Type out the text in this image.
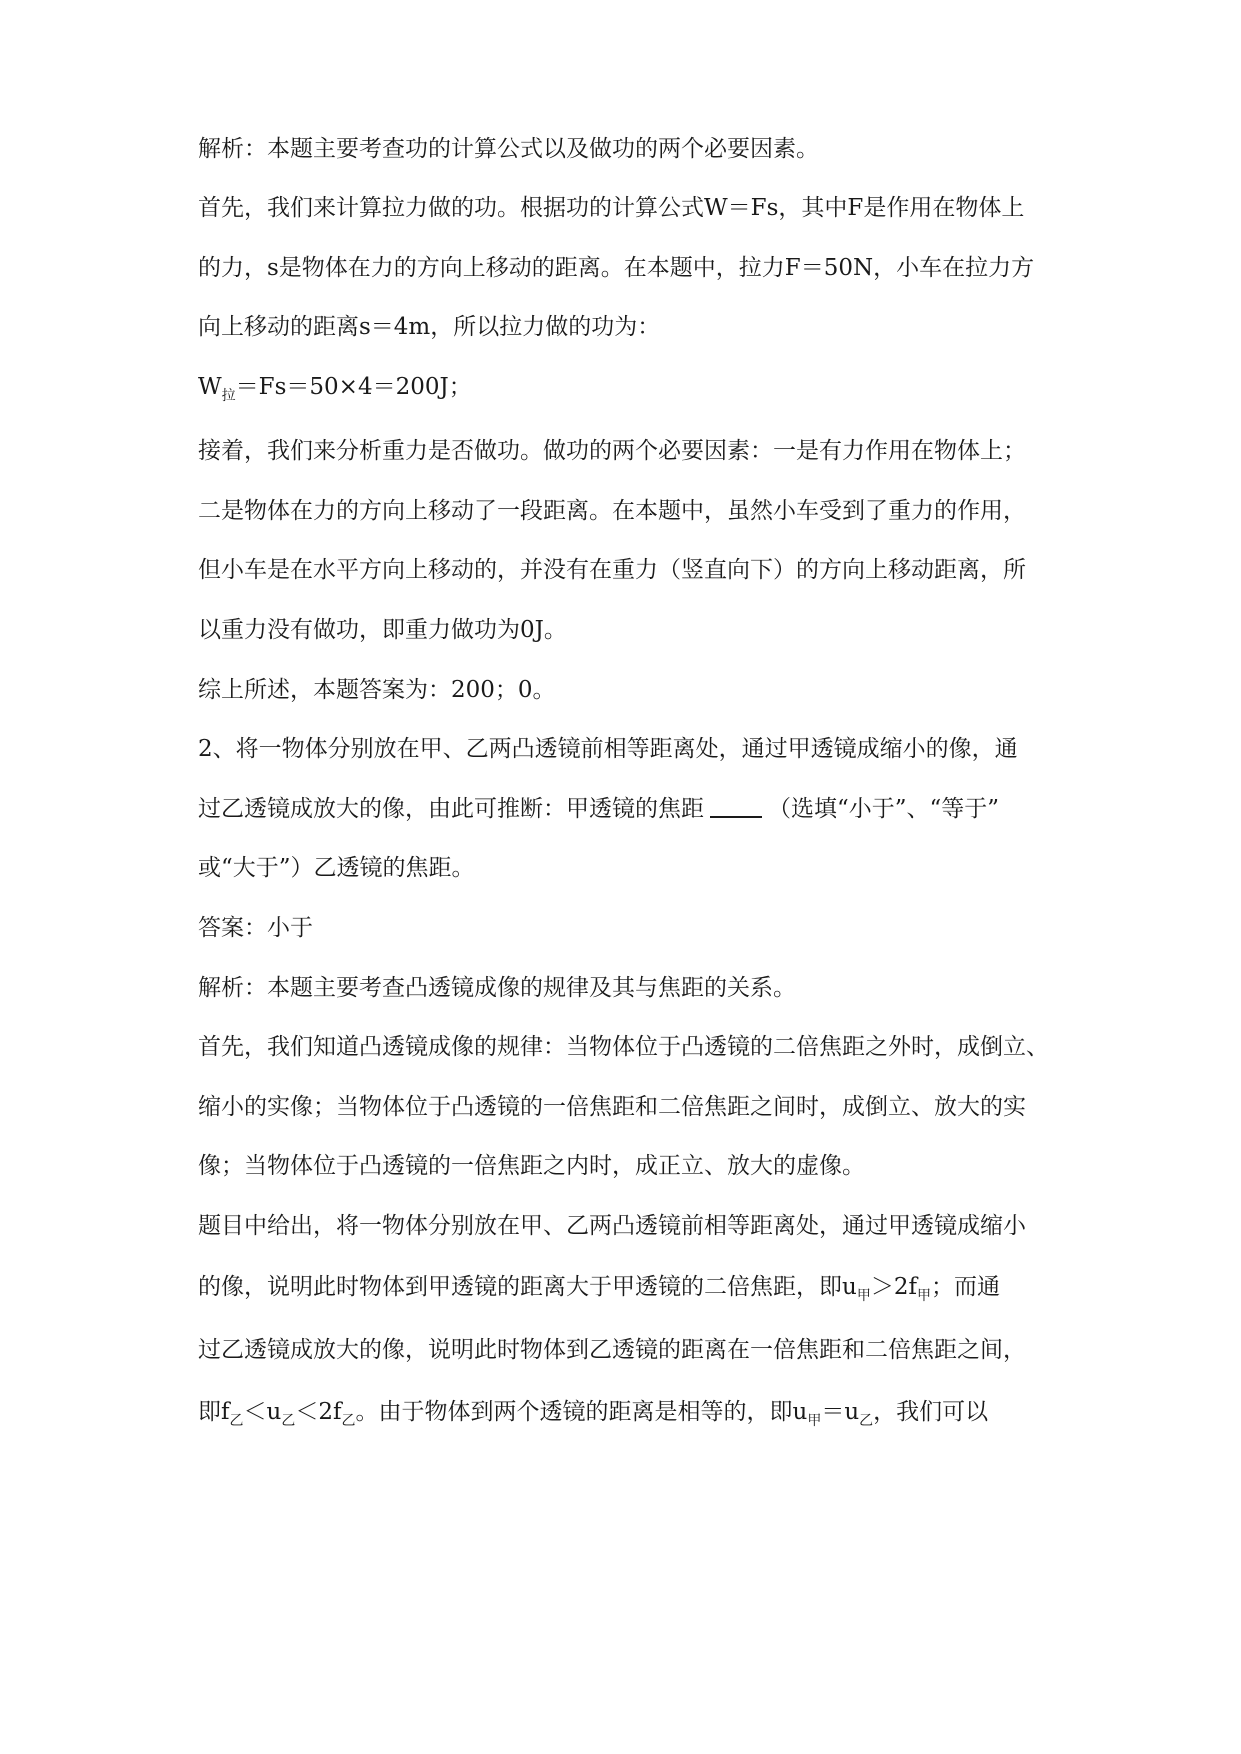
解析：本题主要考查功的计算公式以及做功的两个必要因素。
首先，我们来计算拉力做的功。根据功的计算公式W＝Fs，其中F是作用在物体上
的力，s是物体在力的方向上移动的距离。在本题中，拉力F＝50N，小车在拉力方
向上移动的距离s＝4m，所以拉力做的功为：
$W_拉=Fs=50\times 4=200J$；
接着，我们来分析重力是否做功。做功的两个必要因素：一是有力作用在物体上；
二是物体在力的方向上移动了一段距离。在本题中，虽然小车受到了重力的作用，
但小车是在水平方向上移动的，并没有在重力（竖直向下）的方向上移动距离，所
以重力没有做功，即重力做功为0J。
综上所述，本题答案为：200；0。
2、将一物体分别放在甲、乙两凸透镜前相等距离处，通过甲透镜成缩小的像，通
过乙透镜成放大的像，由此可推断：甲透镜的焦距	（选填“小于”、“等于”
或“大于”）乙透镜的焦距。
答案：小于
解析：本题主要考查凸透镜成像的规律及其与焦距的关系。
首先，我们知道凸透镜成像的规律：当物体位于凸透镜的二倍焦距之外时，成倒立、
缩小的实像；当物体位于凸透镜的一倍焦距和二倍焦距之间时，成倒立、放大的实
像；当物体位于凸透镜的一倍焦距之内时，成正立、放大的虚像。
题目中给出，将一物体分别放在甲、乙两凸透镜前相等距离处，通过甲透镜成缩小
的像，说明此时物体到甲透镜的距离大于甲透镜的二倍焦距，即$u_甲>2f_甲$；而通
过乙透镜成放大的像，说明此时物体到乙透镜的距离在一倍焦距和二倍焦距之间，
即$f_乙<u_乙<2f_乙$。由于物体到两个透镜的距离是相等的，即$u_甲=u_乙$，我们可以
